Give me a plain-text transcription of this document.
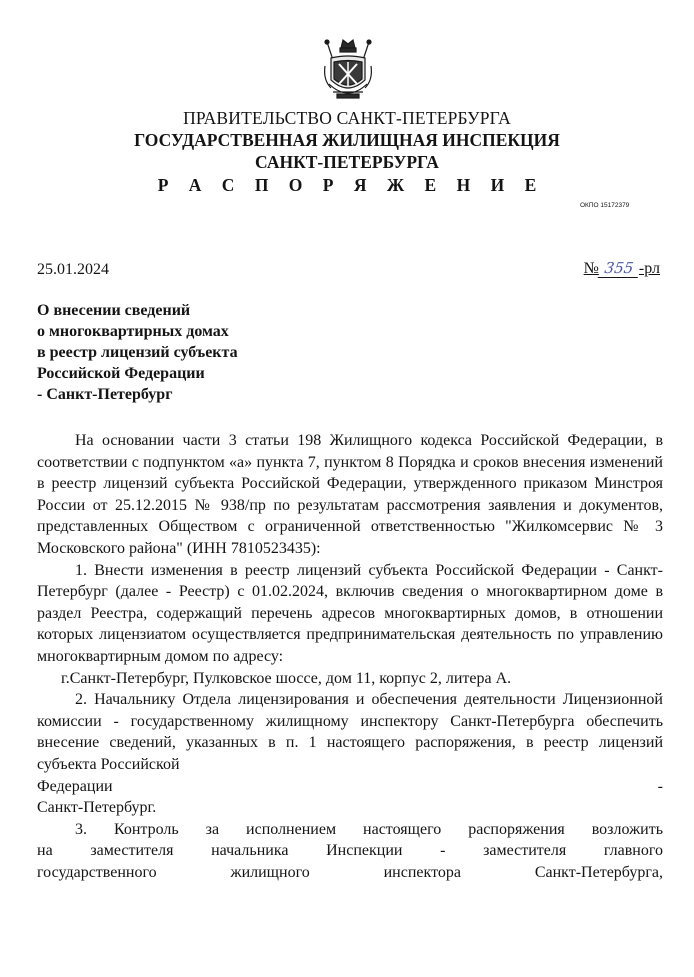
ПРАВИТЕЛЬСТВО САНКТ-ПЕТЕРБУРГА
ГОСУДАРСТВЕННАЯ ЖИЛИЩНАЯ ИНСПЕКЦИЯ
САНКТ-ПЕТЕРБУРГА
Р А С П О Р Я Ж Е Н И Е
ОКПО 15172379
25.01.2024	№ 355 -рл
О внесении сведений
о многоквартирных домах
в реестр лицензий субъекта
Российской Федерации
- Санкт-Петербург

На основании части 3 статьи 198 Жилищного кодекса Российской Федерации, в соответствии с подпунктом «а» пункта 7, пунктом 8 Порядка и сроков внесения изменений в реестр лицензий субъекта Российской Федерации, утвержденного приказом Минстроя России от 25.12.2015 № 938/пр по результатам рассмотрения заявления и документов, представленных Обществом с ограниченной ответственностью "Жилкомсервис № 3 Московского района" (ИНН 7810523435):

1. Внести изменения в реестр лицензий субъекта Российской Федерации - Санкт-Петербург (далее - Реестр) с 01.02.2024, включив сведения о многоквартирном доме в раздел Реестра, содержащий перечень адресов многоквартирных домов, в отношении которых лицензиатом осуществляется предпринимательская деятельность по управлению многоквартирным домом по адресу:

г.Санкт-Петербург, Пулковское шоссе, дом 11, корпус 2, литера А.

2. Начальнику Отдела лицензирования и обеспечения деятельности Лицензионной комиссии - государственному жилищному инспектору Санкт-Петербурга обеспечить внесение сведений, указанных в п. 1 настоящего распоряжения, в реестр лицензий субъекта Российской

Федерации	-
Санкт-Петербург.
3. Контроль за исполнением настоящего распоряжения возложить
на заместителя начальника Инспекции - заместителя главного
государственного жилищного инспектора Санкт-Петербурга,
